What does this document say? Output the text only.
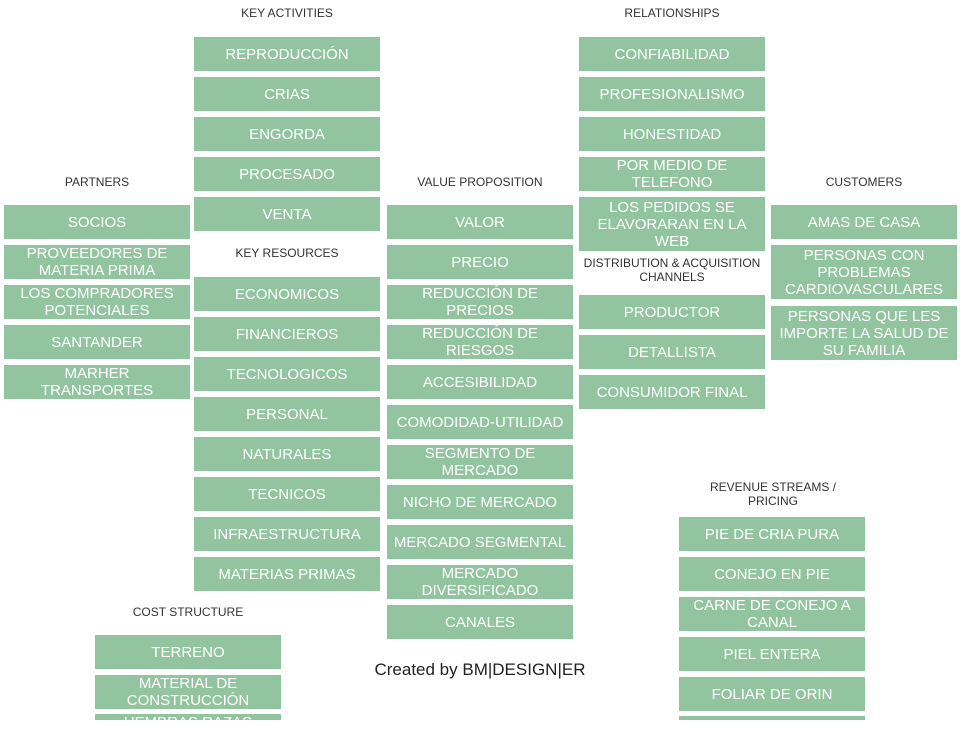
KEY ACTIVITIES	RELATIONSHIPS
PARTNERS	VALUE PROPOSITION	CUSTOMERS
KEY RESOURCES
DISTRIBUTION & ACQUISITION CHANNELS
REVENUE STREAMS / PRICING
COST STRUCTURE
REPRODUCCIÓN
CRIAS
ENGORDA
PROCESADO
VENTA
CONFIABILIDAD
PROFESIONALISMO
HONESTIDAD
POR MEDIO DE TELEFONO
LOS PEDIDOS SE ELAVORARAN EN LA WEB
SOCIOS
PROVEEDORES DE MATERIA PRIMA
LOS COMPRADORES POTENCIALES
SANTANDER
MARHER TRANSPORTES
VALOR
PRECIO
REDUCCIÓN DE PRECIOS
REDUCCIÓN DE RIESGOS
ACCESIBILIDAD
COMODIDAD-UTILIDAD
SEGMENTO DE MERCADO
NICHO DE MERCADO
MERCADO SEGMENTAL
MERCADO DIVERSIFICADO
CANALES
AMAS DE CASA
PERSONAS CON PROBLEMAS CARDIOVASCULARES
PERSONAS QUE LES IMPORTE LA SALUD DE SU FAMILIA
ECONOMICOS
FINANCIEROS
TECNOLOGICOS
PERSONAL
NATURALES
TECNICOS
INFRAESTRUCTURA
MATERIAS PRIMAS
PRODUCTOR
DETALLISTA
CONSUMIDOR FINAL
PIE DE CRIA PURA
CONEJO EN PIE
CARNE DE CONEJO A CANAL
PIEL ENTERA
FOLIAR DE ORIN
TERRENO
MATERIAL DE CONSTRUCCIÓN
HEMBRAS RAZAS
Created by BM|DESIGN|ER
